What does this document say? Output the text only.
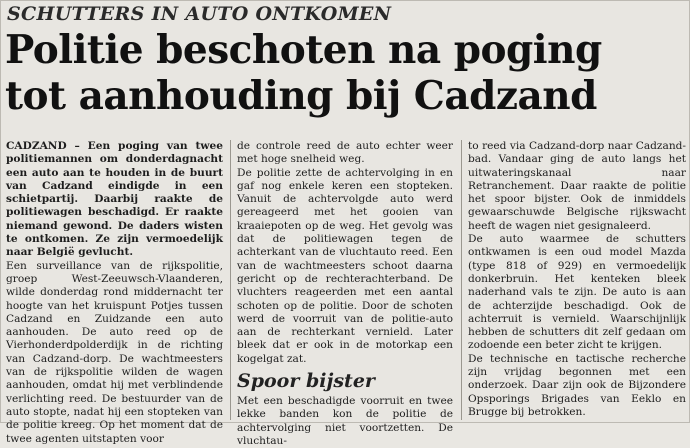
SCHUTTERS IN AUTO ONTKOMEN
Politie beschoten na poging
tot aanhouding bij Cadzand

CADZAND – Een poging van twee politiemannen om donderdagnacht een auto aan te houden in de buurt van Cadzand eindigde in een schietpartij. Daarbij raakte de politiewagen beschadigd. Er raakte niemand gewond. De daders wisten te ontkomen. Ze zijn vermoedelijk naar België gevlucht.

Een surveillance van de rijkspolitie, groep West-Zeeuwsch-Vlaanderen, wilde donderdag rond middernacht ter hoogte van het kruispunt Potjes tussen Cadzand en Zuidzande een auto aanhouden. De auto reed op de Vierhonderdpolderdijk in de richting van Cadzand-dorp. De wachtmeesters van de rijkspolitie wilden de wagen aanhouden, omdat hij met verblindende verlichting reed. De bestuurder van de auto stopte, nadat hij een stopteken van de politie kreeg. Op het moment dat de twee agenten uitstapten voor

de controle reed de auto echter weer met hoge snelheid weg.

De politie zette de achtervolging in en gaf nog enkele keren een stopteken. Vanuit de achtervolgde auto werd gereageerd met het gooien van kraaiepoten op de weg. Het gevolg was dat de politiewagen tegen de achterkant van de vluchtauto reed. Een van de wachtmeesters schoot daarna gericht op de rechterachterband. De vluchters reageerden met een aantal schoten op de politie. Door de schoten werd de voorruit van de politie-auto aan de rechterkant vernield. Later bleek dat er ook in de motorkap een kogelgat zat.

Spoor bijster

Met een beschadigde voorruit en twee lekke banden kon de politie de achtervolging niet voortzetten. De vluchtau-

to reed via Cadzand-dorp naar Cadzand-bad. Vandaar ging de auto langs het uitwateringskanaal naar Retranchement. Daar raakte de politie het spoor bijster. Ook de inmiddels gewaarschuwde Belgische rijkswacht heeft de wagen niet gesignaleerd.

De auto waarmee de schutters ontkwamen is een oud model Mazda (type 818 of 929) en vermoedelijk donkerbruin. Het kenteken bleek naderhand vals te zijn. De auto is aan de achterzijde beschadigd. Ook de achterruit is vernield. Waarschijnlijk hebben de schutters dit zelf gedaan om zodoende een beter zicht te krijgen.

De technische en tactische recherche zijn vrijdag begonnen met een onderzoek. Daar zijn ook de Bijzondere Opsporings Brigades van Eeklo en Brugge bij betrokken.
